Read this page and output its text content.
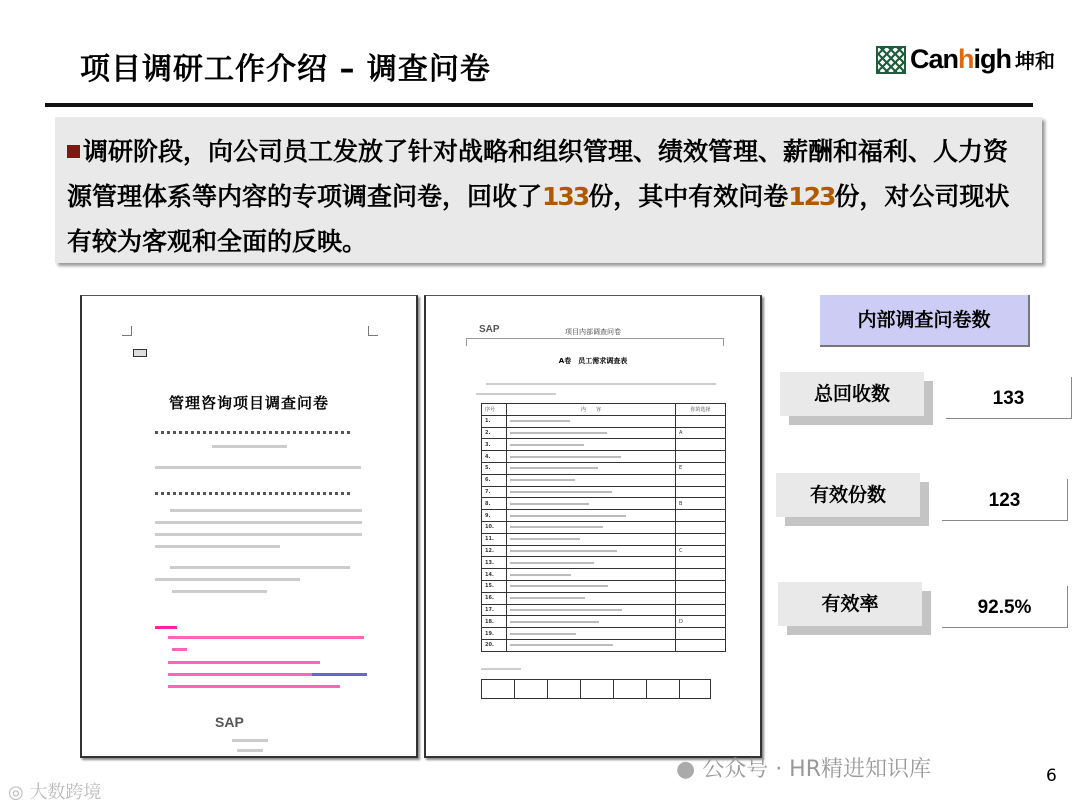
项目调研工作介绍 – 调查问卷	Canhigh 坤和
调研阶段，向公司员工发放了针对战略和组织管理、绩效管理、薪酬和福利、人力资源管理体系等内容的专项调查问卷，回收了133份，其中有效问卷123份，对公司现状有较为客观和全面的反映。
管理咨询项目调查问卷
SAP
SAP	项目内部调查问卷
A卷　员工需求调查表
序号	内　　容	你的选择
1.	

2.		A
3.	

4.	

5.		E
6.	

7.	

8.		B
9.	

10.	

11.	

12.		C
13.	

14.	

15.	

16.	

17.	

18.		D
19.	

20.	

内部调查问卷数
总回收数	133
有效份数	123
有效率	92.5%
● 公众号 · HR精进知识库
◎ 大数跨境
6
